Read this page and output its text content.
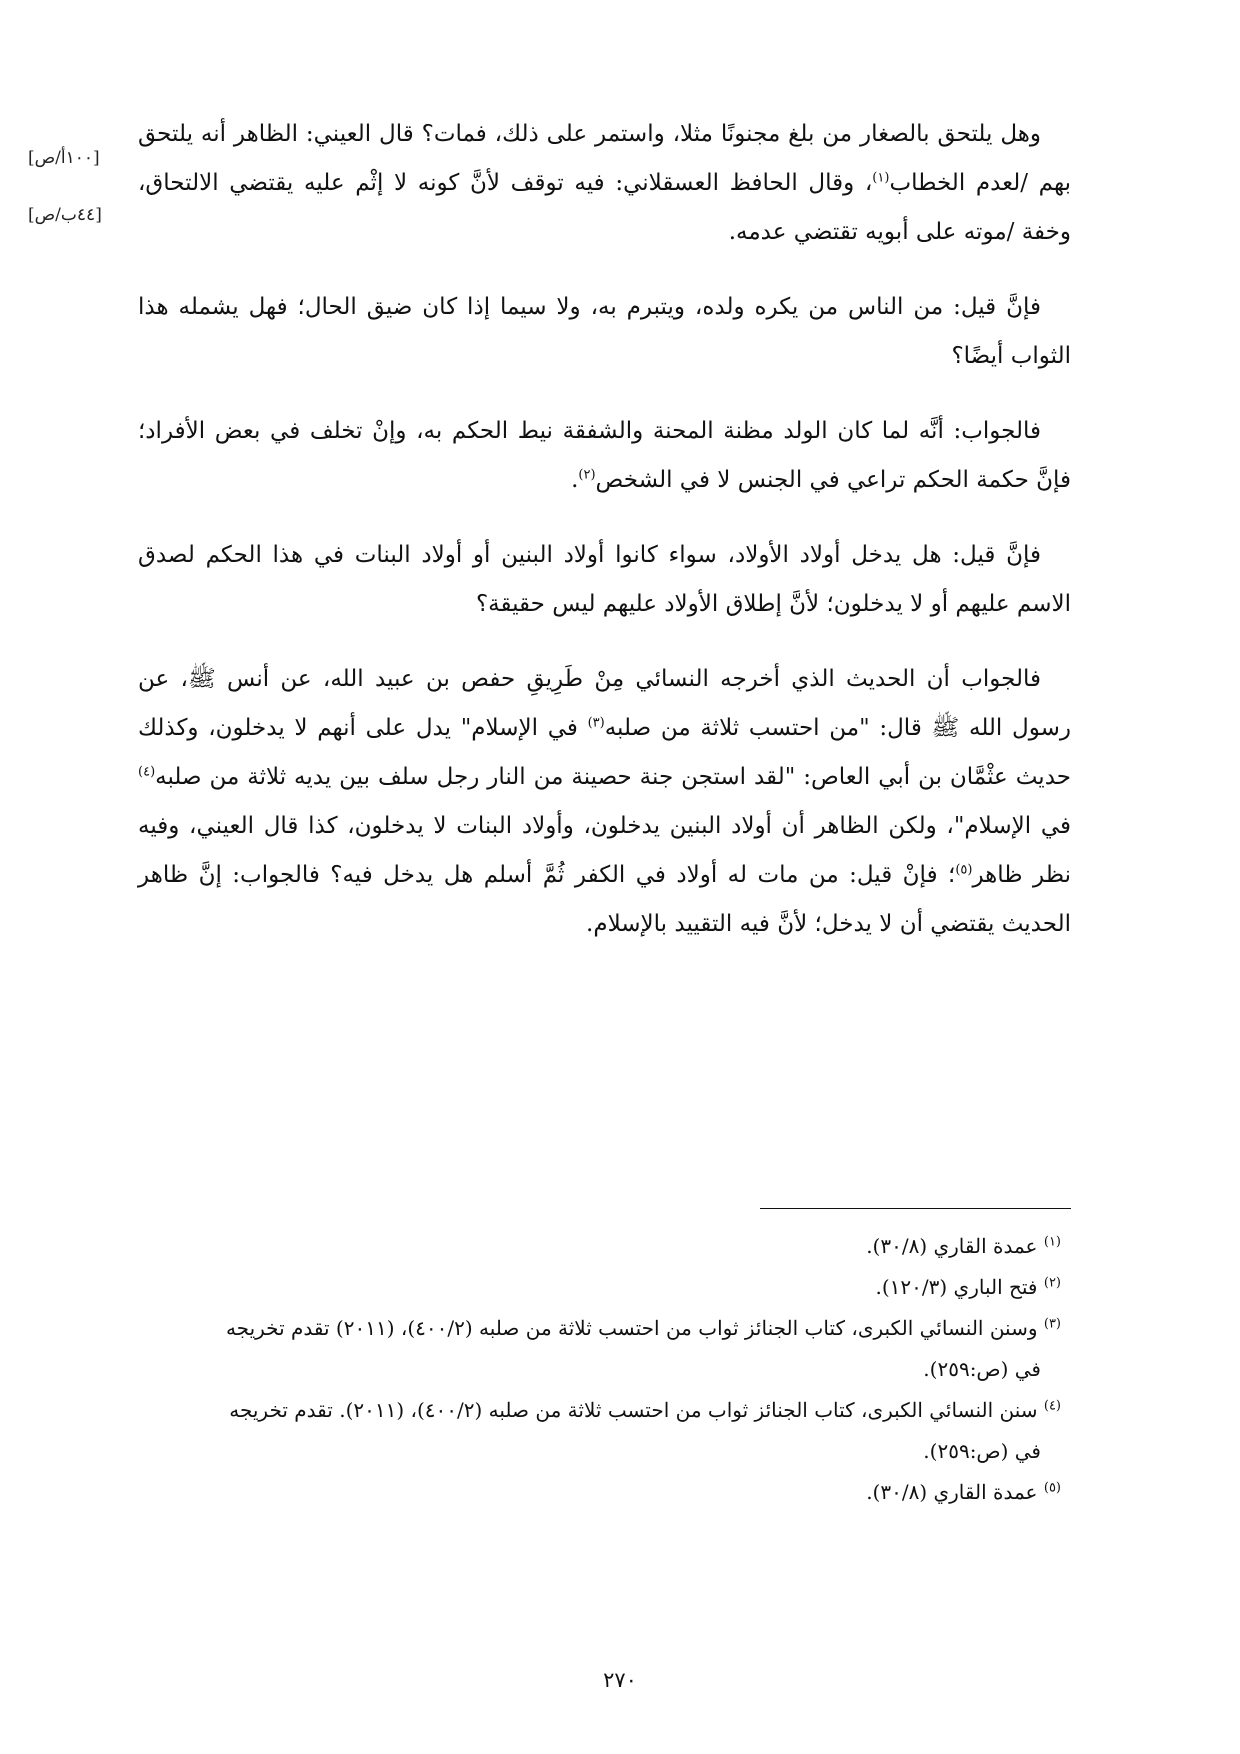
[١٠٠أ/ص]
[٤٤ب/ص]

وهل يلتحق بالصغار من بلغ مجنونًا مثلا، واستمر على ذلك، فمات؟ قال العيني: الظاهر أنه يلتحق بهم /لعدم الخطاب$^{(١)}$، وقال الحافظ العسقلاني: فيه توقف لأنَّ كونه لا إثْم عليه يقتضي الالتحاق، وخفة /موته على أبويه تقتضي عدمه.

فإنَّ قيل: من الناس من يكره ولده، ويتبرم به، ولا سيما إذا كان ضيق الحال؛ فهل يشمله هذا الثواب أيضًا؟

فالجواب: أنَّه لما كان الولد مظنة المحنة والشفقة نيط الحكم به، وإنْ تخلف في بعض الأفراد؛ فإنَّ حكمة الحكم تراعي في الجنس لا في الشخص$^{(٢)}$.

فإنَّ قيل: هل يدخل أولاد الأولاد، سواء كانوا أولاد البنين أو أولاد البنات في هذا الحكم لصدق الاسم عليهم أو لا يدخلون؛ لأنَّ إطلاق الأولاد عليهم ليس حقيقة؟

فالجواب أن الحديث الذي أخرجه النسائي مِنْ طَرِيقِ حفص بن عبيد الله، عن أنس ﷺ، عن رسول الله ﷺ قال: "من احتسب ثلاثة من صلبه$^{(٣)}$ في الإسلام" يدل على أنهم لا يدخلون، وكذلك حديث عثْمَّان بن أبي العاص: "لقد استجن جنة حصينة من النار رجل سلف بين يديه ثلاثة من صلبه$^{(٤)}$ في الإسلام"، ولكن الظاهر أن أولاد البنين يدخلون، وأولاد البنات لا يدخلون، كذا قال العيني، وفيه نظر ظاهر$^{(٥)}$؛ فإنْ قيل: من مات له أولاد في الكفر ثُمَّ أسلم هل يدخل فيه؟ فالجواب: إنَّ ظاهر الحديث يقتضي أن لا يدخل؛ لأنَّ فيه التقييد بالإسلام.

$^{(١)}$ عمدة القاري (٣٠/٨).

$^{(٢)}$ فتح الباري (١٢٠/٣).

$^{(٣)}$ وسنن النسائي الكبرى، كتاب الجنائز ثواب من احتسب ثلاثة من صلبه (٤٠٠/٢)، (٢٠١١) تقدم تخريجه
في (ص:٢٥٩).

$^{(٤)}$ سنن النسائي الكبرى، كتاب الجنائز ثواب من احتسب ثلاثة من صلبه (٤٠٠/٢)، (٢٠١١). تقدم تخريجه
في (ص:٢٥٩).

$^{(٥)}$ عمدة القاري (٣٠/٨).

٢٧٠
